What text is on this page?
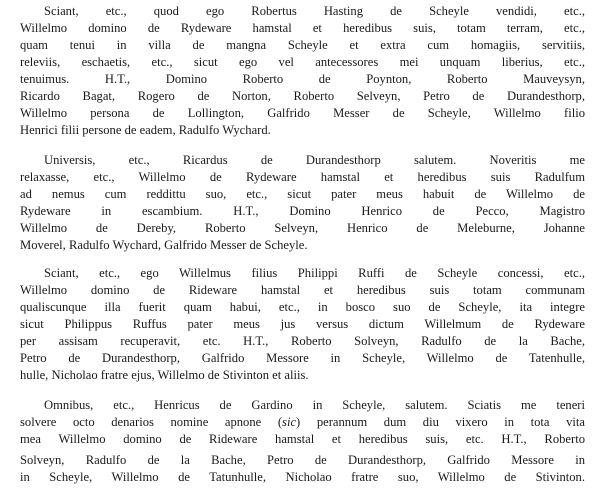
Sciant, etc., quod ego Robertus Hasting de Scheyle vendidi, etc.,
Willelmo domino de Rydeware hamstal et heredibus suis, totam terram, etc.,
quam tenui in villa de mangna Scheyle et extra cum homagiis, servitiis,
releviis, eschaetis, etc., sicut ego vel antecessores mei unquam liberius, etc.,
tenuimus. H.T., Domino Roberto de Poynton, Roberto Mauveysyn,
Ricardo Bagat, Rogero de Norton, Roberto Selveyn, Petro de Durandesthorp,
Willelmo persona de Lollington, Galfrido Messer de Scheyle, Willelmo filio
Henrici filii persone de eadem, Radulfo Wychard.
Universis, etc., Ricardus de Durandesthorp salutem. Noveritis me
relaxasse, etc., Willelmo de Rydeware hamstal et heredibus suis Radulfum
ad nemus cum reddittu suo, etc., sicut pater meus habuit de Willelmo de
Rydeware in escambium. H.T., Domino Henrico de Pecco, Magistro
Willelmo de Dereby, Roberto Selveyn, Henrico de Meleburne, Johanne
Moverel, Radulfo Wychard, Galfrido Messer de Scheyle.
Sciant, etc., ego Willelmus filius Philippi Ruffi de Scheyle concessi, etc.,
Willelmo domino de Rideware hamstal et heredibus suis totam communam
qualiscunque illa fuerit quam habui, etc., in bosco suo de Scheyle, ita integre
sicut Philippus Ruffus pater meus jus versus dictum Willelmum de Rydeware
per assisam recuperavit, etc. H.T., Roberto Solveyn, Radulfo de la Bache,
Petro de Durandesthorp, Galfrido Messore in Scheyle, Willelmo de Tatenhulle,
hulle, Nicholao fratre ejus, Willelmo de Stivinton et aliis.
Omnibus, etc., Henricus de Gardino in Scheyle, salutem. Sciatis me teneri
solvere octo denarios nomine apnone (sic) perannum dum diu vixero in tota vita
mea Willelmo domino de Rideware hamstal et heredibus suis, etc. H.T., Roberto
Solveyn, Radulfo de la Bache, Petro de Durandesthorp, Galfrido Messore in
in Scheyle, Willelmo de Tatunhulle, Nicholao fratre suo, Willelmo de Stivinton.
